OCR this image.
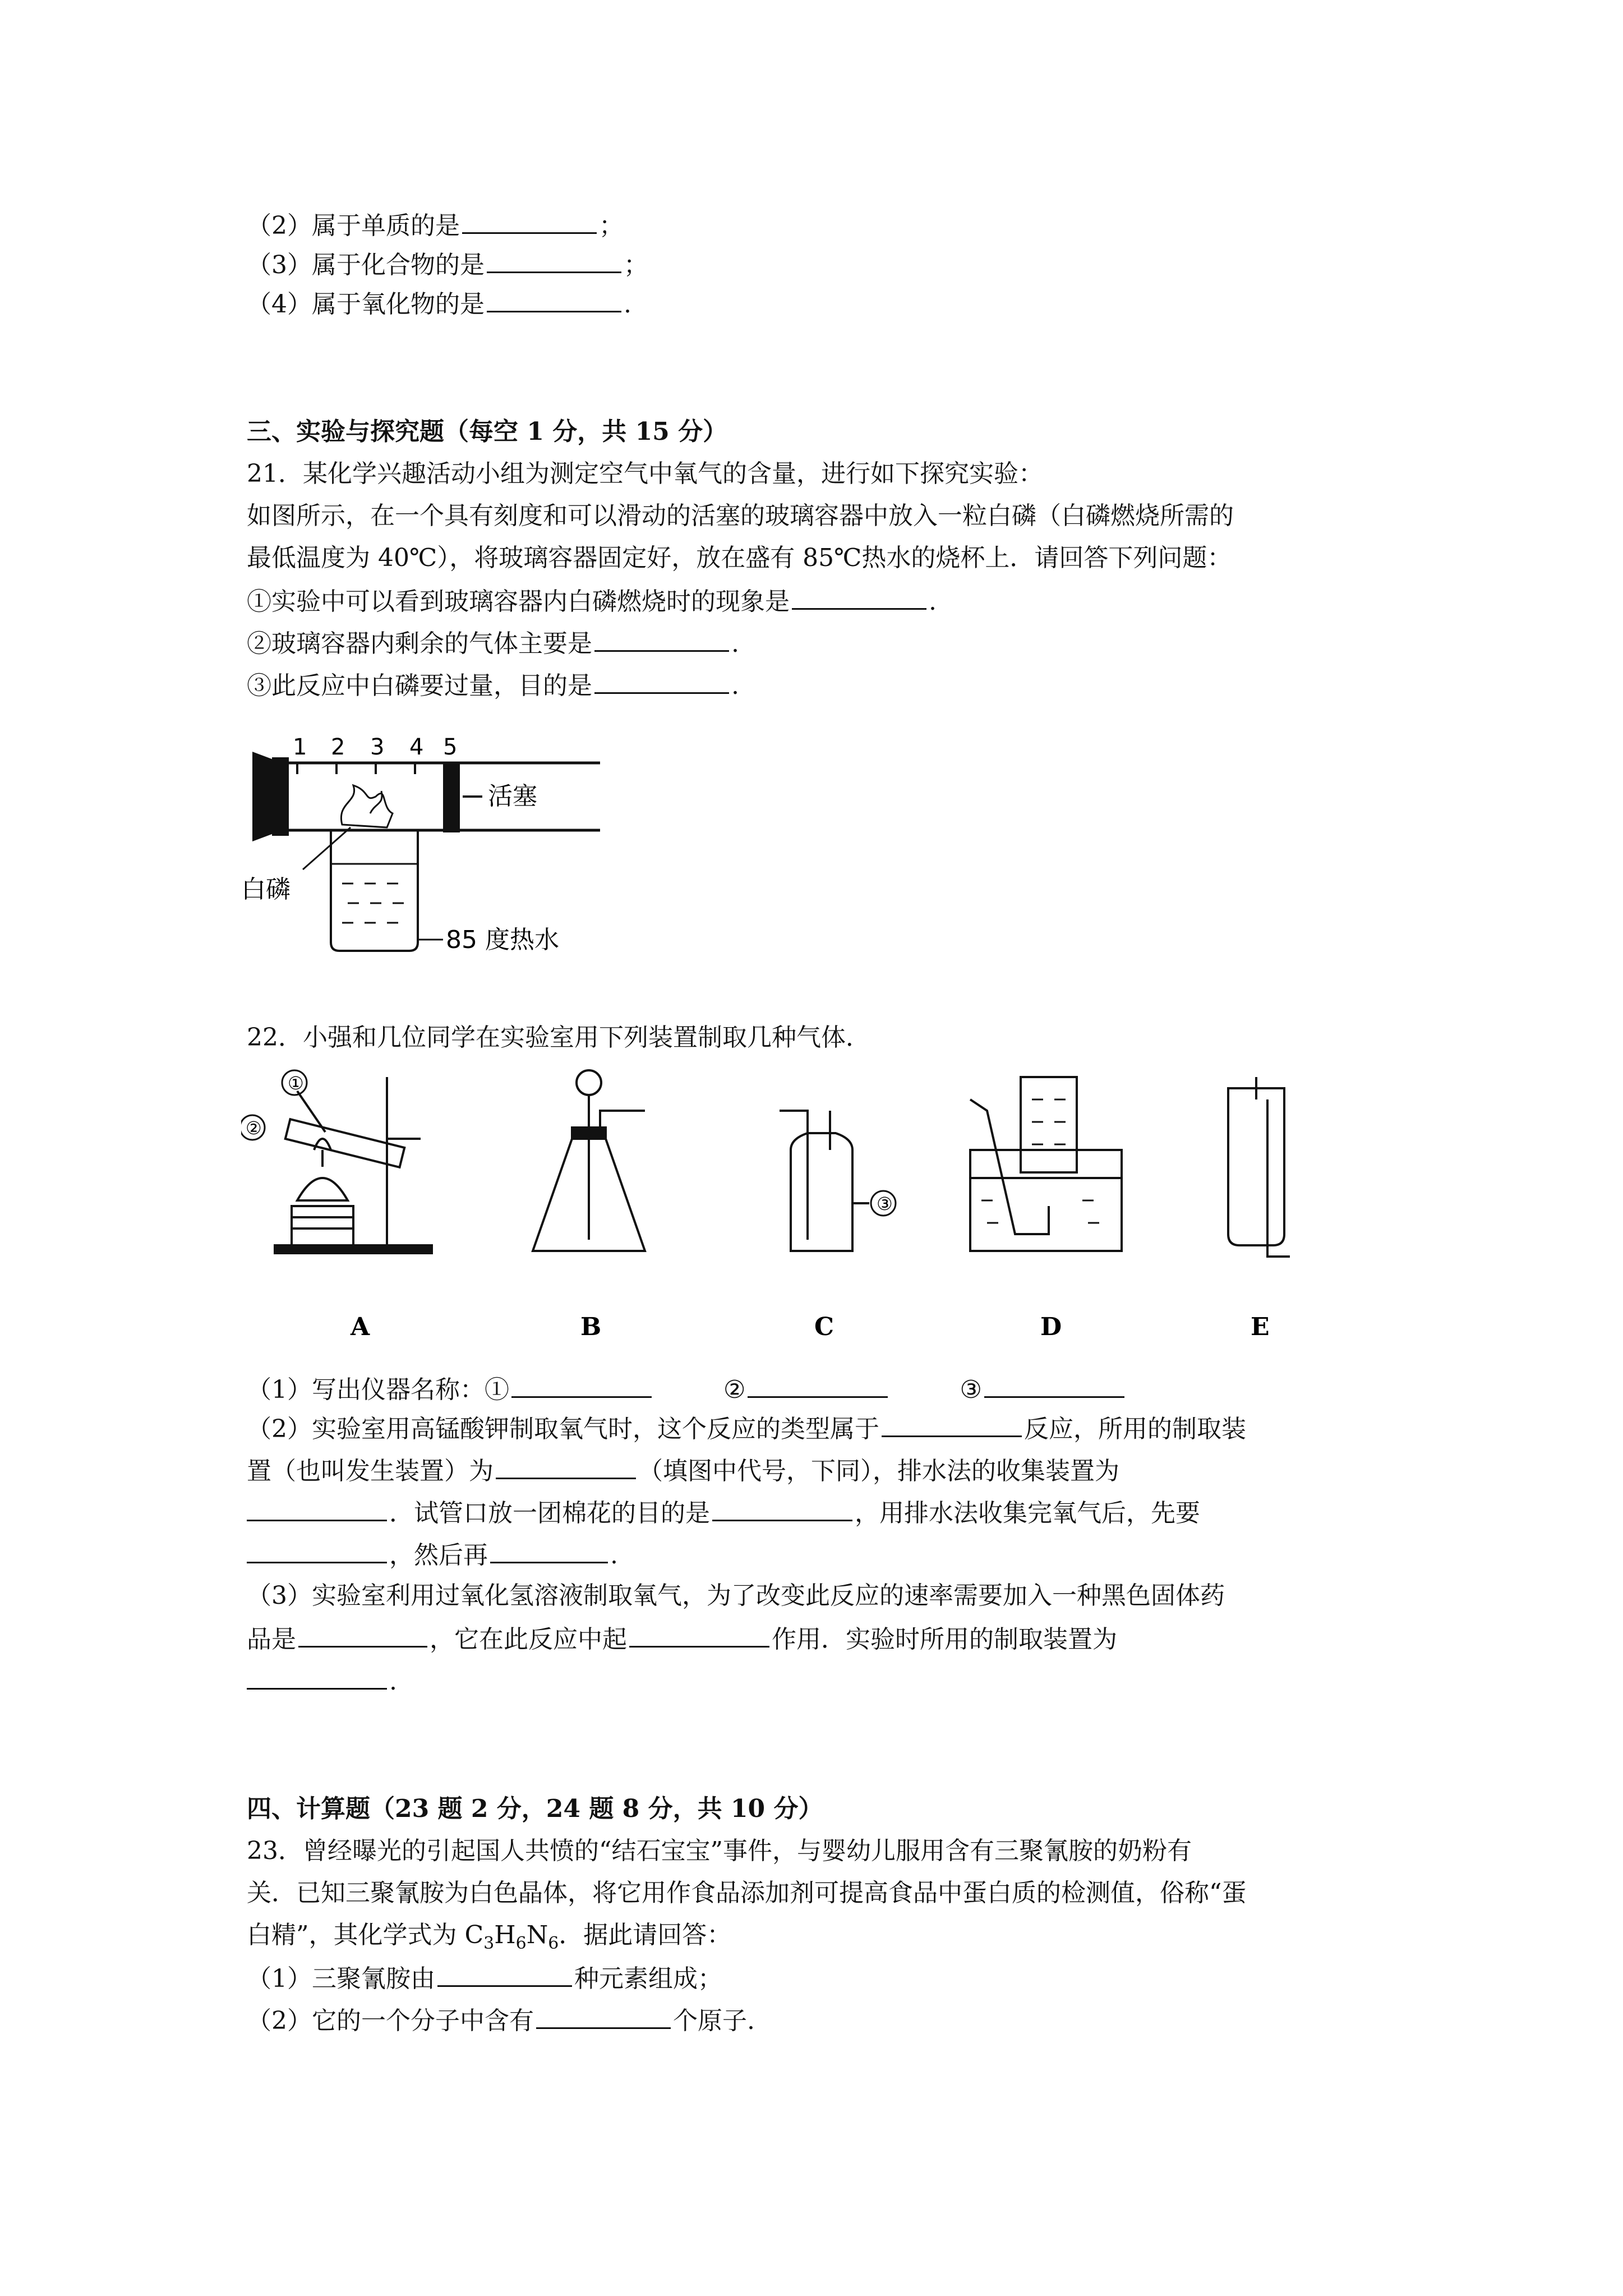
（2）属于单质的是	；
（3）属于化合物的是	；
（4）属于氧化物的是	.
三、实验与探究题（每空 1 分，共 15 分）
21．某化学兴趣活动小组为测定空气中氧气的含量，进行如下探究实验：
如图所示，在一个具有刻度和可以滑动的活塞的玻璃容器中放入一粒白磷（白磷燃烧所需的
最低温度为 40℃），将玻璃容器固定好，放在盛有 85℃热水的烧杯上．请回答下列问题：
①实验中可以看到玻璃容器内白磷燃烧时的现象是	.
②玻璃容器内剩余的气体主要是	.
③此反应中白磷要过量，目的是	.
1 2 3 4 5
活塞
白磷
85 度热水
22．小强和几位同学在实验室用下列装置制取几种气体．
①
②
③
A	B	C	D	E
（1）写出仪器名称：①	②	③
（2）实验室用高锰酸钾制取氧气时，这个反应的类型属于	反应，所用的制取装
置（也叫发生装置）为	（填图中代号，下同），排水法的收集装置为
．试管口放一团棉花的目的是	，用排水法收集完氧气后，先要
，然后再	.
（3）实验室利用过氧化氢溶液制取氧气，为了改变此反应的速率需要加入一种黑色固体药
品是	，它在此反应中起	作用．实验时所用的制取装置为
.
四、计算题（23 题 2 分，24 题 8 分，共 10 分）
23．曾经曝光的引起国人共愤的“结石宝宝”事件，与婴幼儿服用含有三聚氰胺的奶粉有
关．已知三聚氰胺为白色晶体，将它用作食品添加剂可提高食品中蛋白质的检测值，俗称“蛋
白精”，其化学式为 $C_3H_6N_6$．据此请回答：
（1）三聚氰胺由	种元素组成；
（2）它的一个分子中含有	个原子.
